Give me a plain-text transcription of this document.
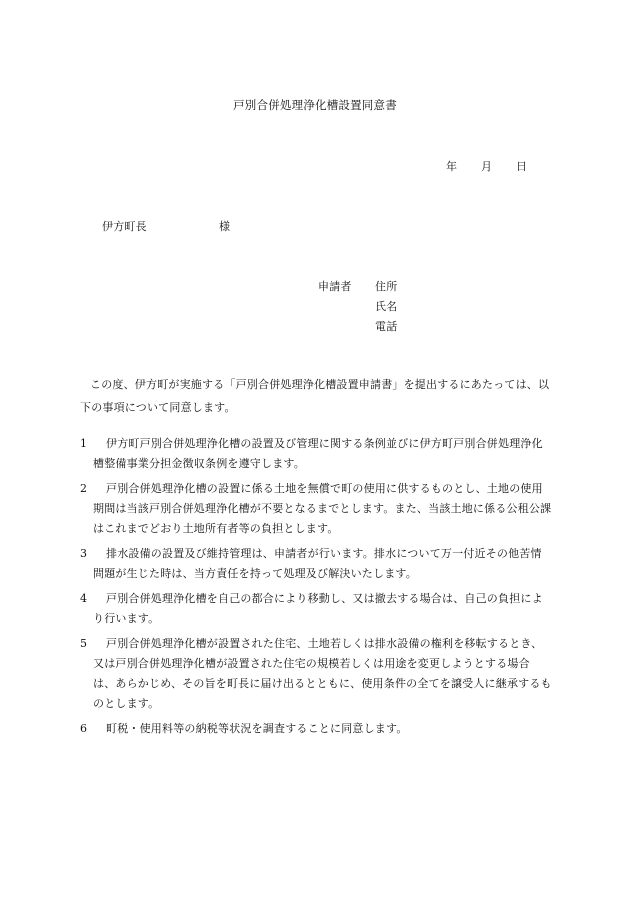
戸別合併処理浄化槽設置同意書
年 月 日
伊方町長	様
申請者 住所
氏名
電話

この度、伊方町が実施する「戸別合併処理浄化槽設置申請書」を提出するにあたっては、以下の事項について同意します。

1	伊方町戸別合併処理浄化槽の設置及び管理に関する条例並びに伊方町戸別合併処理浄化槽整備事業分担金徴収条例を遵守します。
2	戸別合併処理浄化槽の設置に係る土地を無償で町の使用に供するものとし、土地の使用期間は当該戸別合併処理浄化槽が不要となるまでとします。また、当該土地に係る公租公課はこれまでどおり土地所有者等の負担とします。
3	排水設備の設置及び維持管理は、申請者が行います。排水について万一付近その他苦情問題が生じた時は、当方責任を持って処理及び解決いたします。
4	戸別合併処理浄化槽を自己の都合により移動し、又は撤去する場合は、自己の負担により行います。
5	戸別合併処理浄化槽が設置された住宅、土地若しくは排水設備の権利を移転するとき、又は戸別合併処理浄化槽が設置された住宅の規模若しくは用途を変更しようとする場合は、あらかじめ、その旨を町長に届け出るとともに、使用条件の全てを譲受人に継承するものとします。
6	町税・使用料等の納税等状況を調査することに同意します。
